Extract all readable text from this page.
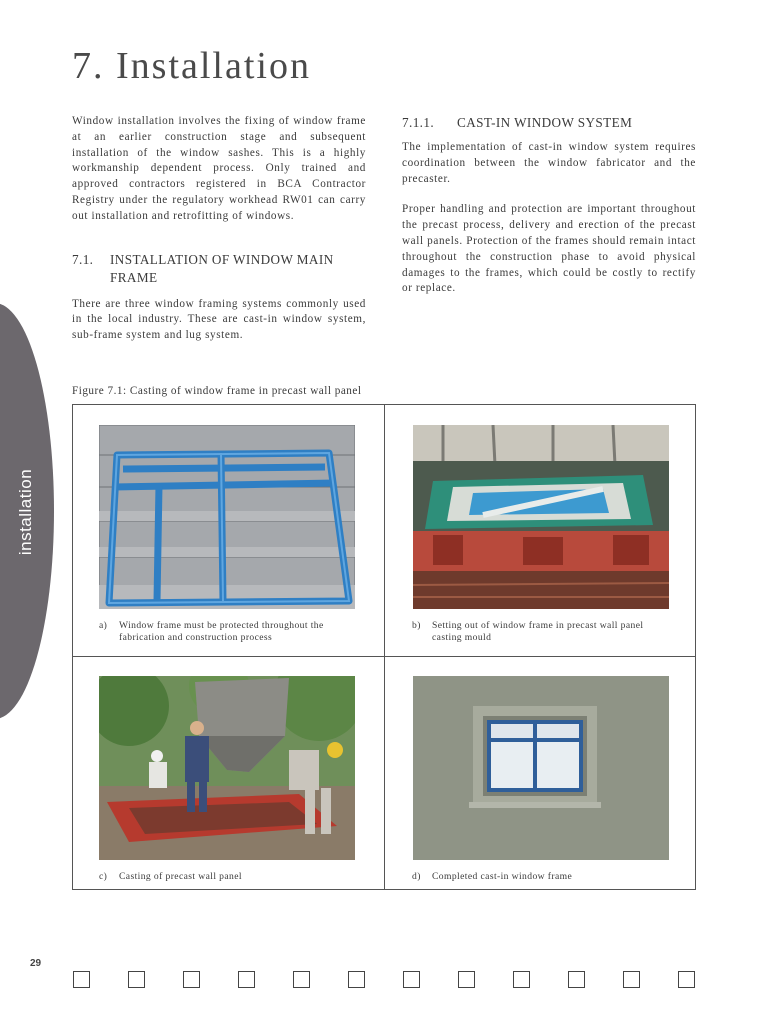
installation
7. Installation

Window installation involves the fixing of window frame at an earlier construction stage and subsequent installation of the window sashes. This is a highly workmanship dependent process. Only trained and approved contractors registered in BCA Contractor Registry under the regulatory workhead RW01 can carry out installation and retrofitting of windows.

7.1.	INSTALLATION OF WINDOW MAIN FRAME

There are three window framing systems commonly used in the local industry. These are cast-in window system, sub-frame system and lug system.

7.1.1.	CAST-IN WINDOW SYSTEM

The implementation of cast-in window system requires coordination between the window fabricator and the precaster.

Proper handling and protection are important throughout the precast process, delivery and erection of the precast wall panels. Protection of the frames should remain intact throughout the construction phase to avoid physical damages to the frames, which could be costly to rectify or replace.

Figure 7.1: Casting of window frame in precast wall panel
a)	Window frame must be protected throughout the fabrication and construction process
b)	Setting out of window frame in precast wall panel casting mould
c)	Casting of precast wall panel	d)	Completed cast-in window frame
29
